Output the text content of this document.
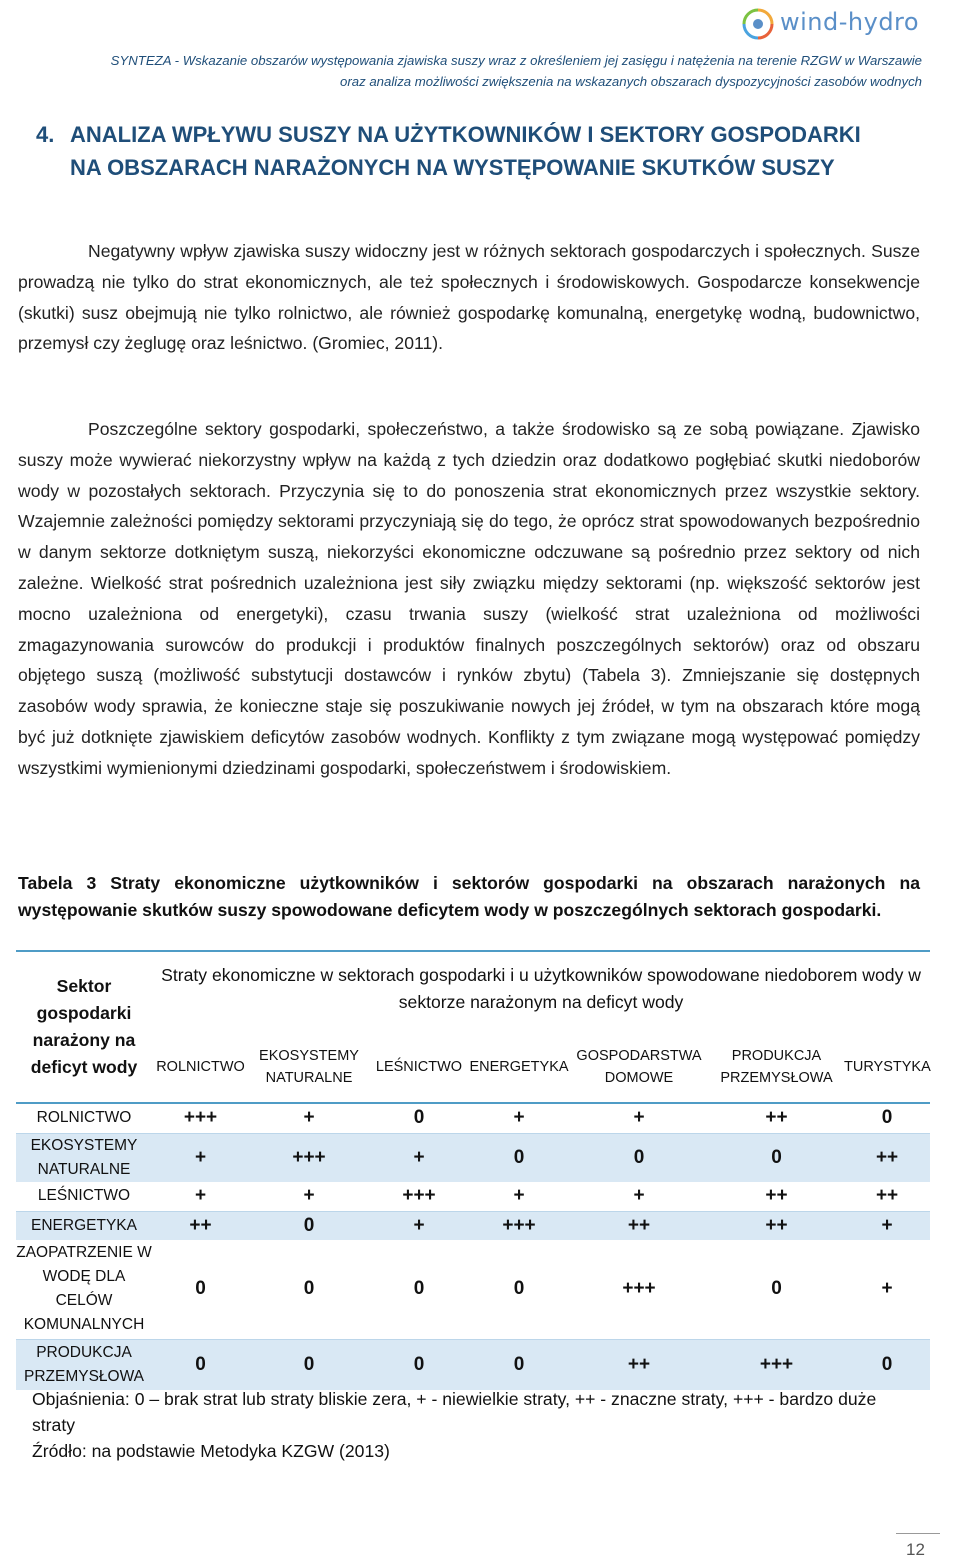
wind-hydro
SYNTEZA - Wskazanie obszarów występowania zjawiska suszy wraz z określeniem jej zasięgu i natężenia na terenie RZGW w Warszawie
oraz analiza możliwości zwiększenia na wskazanych obszarach dyspozycyjności zasobów wodnych
4. ANALIZA WPŁYWU SUSZY NA UŻYTKOWNIKÓW I SEKTORY GOSPODARKI
NA OBSZARACH NARAŻONYCH NA WYSTĘPOWANIE SKUTKÓW SUSZY
Negatywny wpływ zjawiska suszy widoczny jest w różnych sektorach gospodarczych i społecznych. Susze prowadzą nie tylko do strat ekonomicznych, ale też społecznych i środowiskowych. Gospodarcze konsekwencje (skutki) susz obejmują nie tylko rolnictwo, ale również gospodarkę komunalną, energetykę wodną, budownictwo, przemysł czy żeglugę oraz leśnictwo. (Gromiec, 2011).
Poszczególne sektory gospodarki, społeczeństwo, a także środowisko są ze sobą powiązane. Zjawisko suszy może wywierać niekorzystny wpływ na każdą z tych dziedzin oraz dodatkowo pogłębiać skutki niedoborów wody w pozostałych sektorach. Przyczynia się to do ponoszenia strat ekonomicznych przez wszystkie sektory. Wzajemnie zależności pomiędzy sektorami przyczyniają się do tego, że oprócz strat spowodowanych bezpośrednio w danym sektorze dotkniętym suszą, niekorzyści ekonomiczne odczuwane są pośrednio przez sektory od nich zależne. Wielkość strat pośrednich uzależniona jest siły związku między sektorami (np. większość sektorów jest mocno uzależniona od energetyki), czasu trwania suszy (wielkość strat uzależniona od możliwości zmagazynowania surowców do produkcji i produktów finalnych poszczególnych sektorów) oraz od obszaru objętego suszą (możliwość substytucji dostawców i rynków zbytu) (Tabela 3). Zmniejszanie się dostępnych zasobów wody sprawia, że konieczne staje się poszukiwanie nowych jej źródeł, w tym na obszarach które mogą być już dotknięte zjawiskiem deficytów zasobów wodnych. Konflikty z tym związane mogą występować pomiędzy wszystkimi wymienionymi dziedzinami gospodarki, społeczeństwem i środowiskiem.
Tabela 3 Straty ekonomiczne użytkowników i sektorów gospodarki na obszarach narażonych na występowanie skutków suszy spowodowane deficytem wody w poszczególnych sektorach gospodarki.
Sektor gospodarki narażony na deficyt wody	Straty ekonomiczne w sektorach gospodarki i u użytkowników spowodowane niedoborem wody w sektorze narażonym na deficyt wody						
	ROLNICTWO	EKOSYSTEMY NATURALNE	LEŚNICTWO	ENERGETYKA	GOSPODARSTWA DOMOWE	PRODUKCJA PRZEMYSŁOWA	TURYSTYKA
ROLNICTWO	+++	+	0	+	+	++	0
EKOSYSTEMY NATURALNE	+	+++	+	0	0	0	++
LEŚNICTWO	+	+	+++	+	+	++	++
ENERGETYKA	++	0	+	+++	++	++	+
ZAOPATRZENIE W WODĘ DLA CELÓW KOMUNALNYCH	0	0	0	0	+++	0	+
PRODUKCJA PRZEMYSŁOWA	0	0	0	0	++	+++	0
Objaśnienia: 0 – brak strat lub straty bliskie zera, + - niewielkie straty, ++ - znaczne straty, +++ - bardzo duże straty
Źródło: na podstawie Metodyka KZGW (2013)
12
